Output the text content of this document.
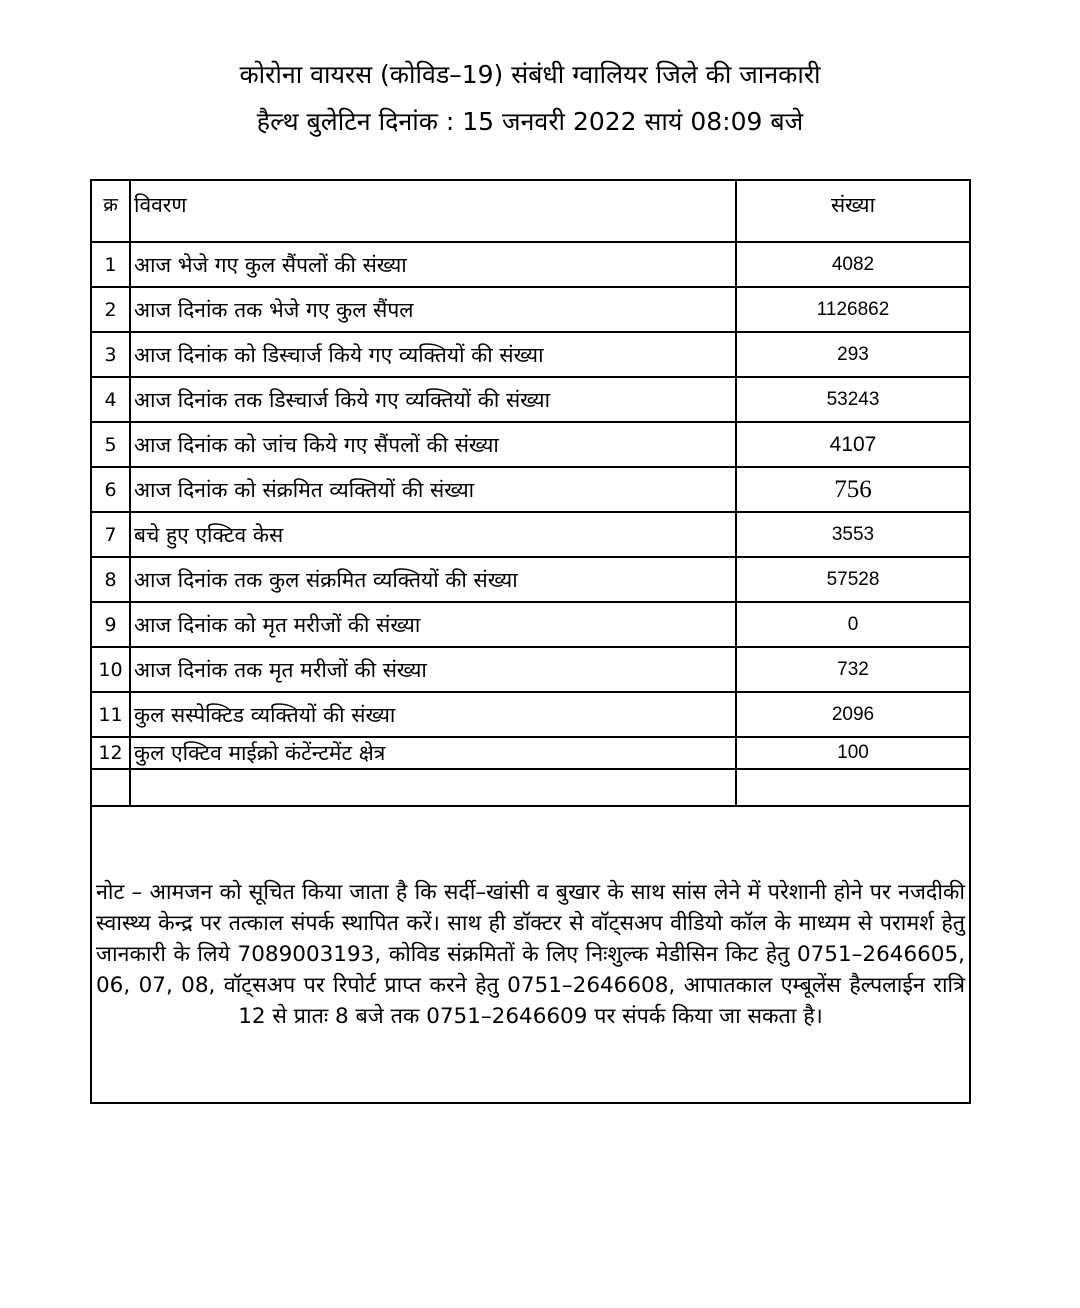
कोरोना वायरस (कोविड–19) संबंधी ग्वालियर जिले की जानकारी
हैल्थ बुलेटिन दिनांक : 15 जनवरी 2022 सायं 08:09 बजे
क्र	विवरण	संख्या
1	आज भेजे गए कुल सैंपलों की संख्या	4082
2	आज दिनांक तक भेजे गए कुल सैंपल	1126862
3	आज दिनांक को डिस्चार्ज किये गए व्यक्तियों की संख्या	293
4	आज दिनांक तक डिस्चार्ज किये गए व्यक्तियों की संख्या	53243
5	आज दिनांक को जांच किये गए सैंपलों की संख्या	4107
6	आज दिनांक को संक्रमित व्यक्तियों की संख्या	756
7	बचे हुए एक्टिव केस	3553
8	आज दिनांक तक कुल संक्रमित व्यक्तियों की संख्या	57528
9	आज दिनांक को मृत मरीजों की संख्या	0
10	आज दिनांक तक मृत मरीजों की संख्या	732
11	कुल सस्पेक्टिड व्यक्तियों की संख्या	2096
12	कुल एक्टिव माईक्रो कंटेंन्टमेंट क्षेत्र	100

नोट – आमजन को सूचित किया जाता है कि सर्दी–खांसी व बुखार के साथ सांस लेने में परेशानी होने पर नजदीकी स्वास्थ्य केन्द्र पर तत्काल संपर्क स्थापित करें। साथ ही डॉक्टर से वॉट्सअप वीडियो कॉल के माध्यम से परामर्श हेतु जानकारी के लिये 7089003193, कोविड संक्रमितों के लिए निःशुल्क मेडीसिन किट हेतु 0751–2646605, 06, 07, 08, वॉट्सअप पर रिपोर्ट प्राप्त करने हेतु 0751–2646608, आपातकाल एम्बूलेंस हैल्पलाईन रात्रि 12 से प्रातः 8 बजे तक 0751–2646609 पर संपर्क किया जा सकता है।		
